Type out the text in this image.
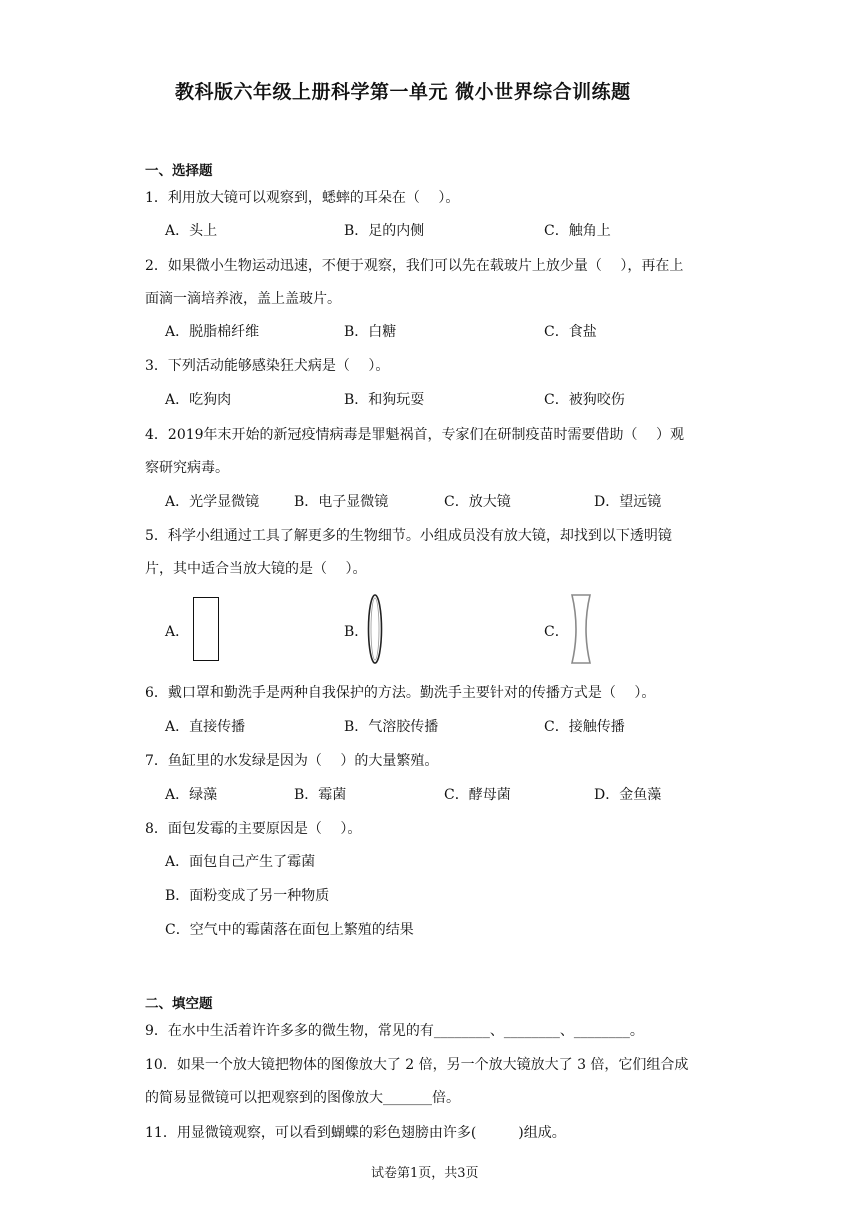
教科版六年级上册科学第一单元 微小世界综合训练题
一、选择题
1．利用放大镜可以观察到，蟋蟀的耳朵在（　 ）。
A．头上	B．足的内侧	C．触角上
2．如果微小生物运动迅速，不便于观察，我们可以先在载玻片上放少量（　 ），再在上
面滴一滴培养液，盖上盖玻片。
A．脱脂棉纤维	B．白糖	C．食盐
3．下列活动能够感染狂犬病是（　 ）。
A．吃狗肉	B．和狗玩耍	C．被狗咬伤
4．2019年末开始的新冠疫情病毒是罪魁祸首，专家们在研制疫苗时需要借助（　 ）观
察研究病毒。
A．光学显微镜 B．电子显微镜	C．放大镜	D．望远镜
5．科学小组通过工具了解更多的生物细节。小组成员没有放大镜，却找到以下透明镜
片，其中适合当放大镜的是（　 ）。
A．	B．	C．
6．戴口罩和勤洗手是两种自我保护的方法。勤洗手主要针对的传播方式是（　 ）。
A．直接传播	B．气溶胶传播	C．接触传播
7．鱼缸里的水发绿是因为（　 ）的大量繁殖。
A．绿藻	B．霉菌	C．酵母菌	D．金鱼藻
8．面包发霉的主要原因是（　 ）。
A．面包自己产生了霉菌
B．面粉变成了另一种物质
C．空气中的霉菌落在面包上繁殖的结果
二、填空题
9．在水中生活着许许多多的微生物，常见的有________、________、________。
10．如果一个放大镜把物体的图像放大了 2 倍，另一个放大镜放大了 3 倍，它们组合成
的简易显微镜可以把观察到的图像放大_______倍。
11．用显微镜观察，可以看到蝴蝶的彩色翅膀由许多(　　　)组成。
试卷第1页，共3页
